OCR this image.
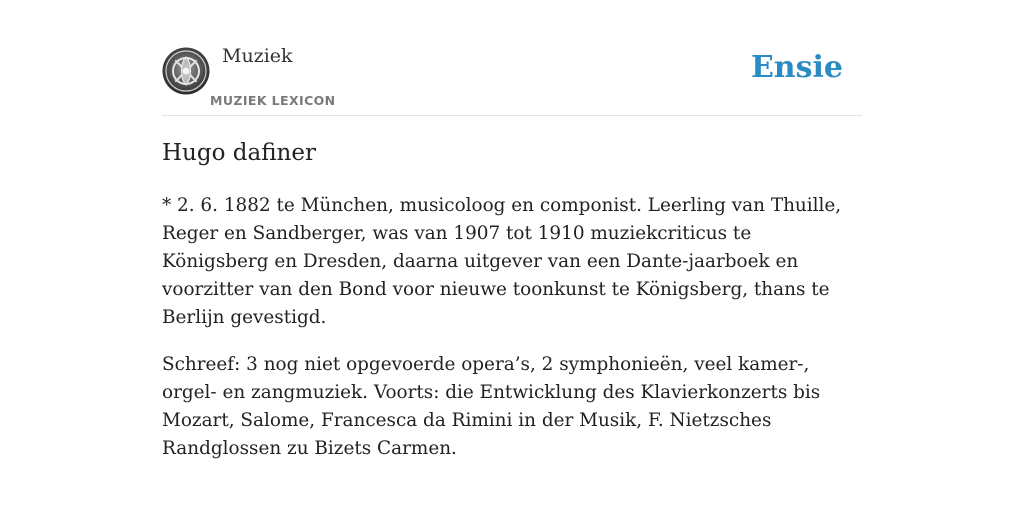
Muziek
MUZIEK LEXICON
Ensie
Hugo dafiner

* 2. 6. 1882 te München, musicoloog en componist. Leerling van Thuille, Reger en Sandberger, was van 1907 tot 1910 muziekcriticus te Königsberg en Dresden, daarna uitgever van een Dante-jaarboek en voorzitter van den Bond voor nieuwe toonkunst te Königsberg, thans te Berlijn gevestigd.

Schreef: 3 nog niet opgevoerde opera’s, 2 symphonieën, veel kamer-, orgel- en zangmuziek. Voorts: die Entwicklung des Klavierkonzerts bis Mozart, Salome, Francesca da Rimini in der Musik, F. Nietzsches Randglossen zu Bizets Carmen.
